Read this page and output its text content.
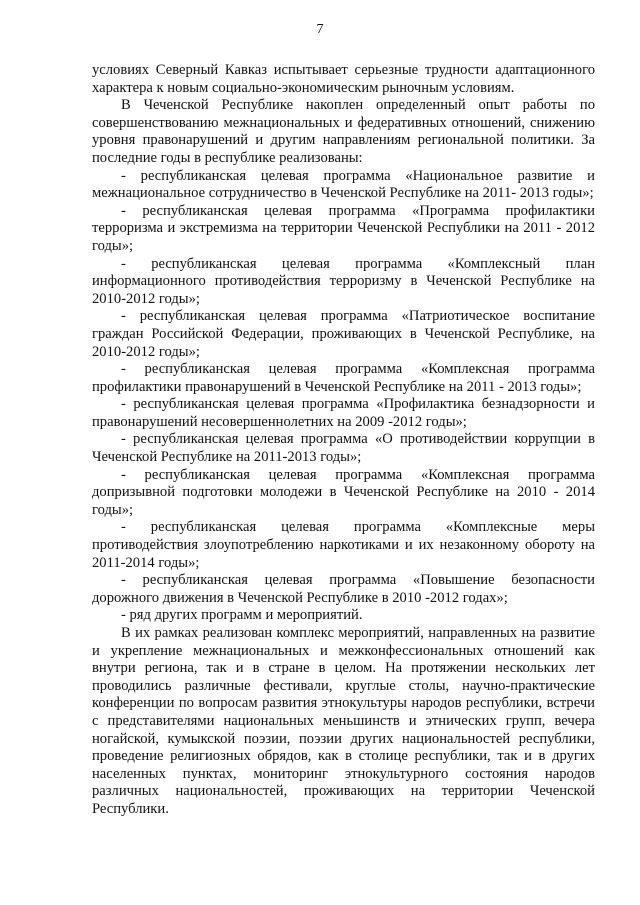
7

условиях Северный Кавказ испытывает серьезные трудности адаптационного характера к новым социально-экономическим рыночным условиям.

В Чеченской Республике накоплен определенный опыт работы по совершенствованию межнациональных и федеративных отношений, снижению уровня правонарушений и другим направлениям региональной политики. За последние годы в республике реализованы:

- республиканская целевая программа «Национальное развитие и межнациональное сотрудничество в Чеченской Республике на 2011- 2013 годы»;

- республиканская целевая программа «Программа профилактики терроризма и экстремизма на территории Чеченской Республики на 2011 - 2012 годы»;

- республиканская целевая программа «Комплексный план информационного противодействия терроризму в Чеченской Республике на 2010-2012 годы»;

- республиканская целевая программа «Патриотическое воспитание граждан Российской Федерации, проживающих в Чеченской Республике, на 2010-2012 годы»;

- республиканская целевая программа «Комплексная программа профилактики правонарушений в Чеченской Республике на 2011 - 2013 годы»;

- республиканская целевая программа «Профилактика безнадзорности и правонарушений несовершеннолетних на 2009 -2012 годы»;

- республиканская целевая программа «О противодействии коррупции в Чеченской Республике на 2011-2013 годы»;

- республиканская целевая программа «Комплексная программа допризывной подготовки молодежи в Чеченской Республике на 2010 - 2014 годы»;

- республиканская целевая программа «Комплексные меры противодействия злоупотреблению наркотиками и их незаконному обороту на 2011-2014 годы»;

- республиканская целевая программа «Повышение безопасности дорожного движения в Чеченской Республике в 2010 -2012 годах»;

- ряд других программ и мероприятий.

В их рамках реализован комплекс мероприятий, направленных на развитие и укрепление межнациональных и межконфессиональных отношений как внутри региона, так и в стране в целом. На протяжении нескольких лет проводились различные фестивали, круглые столы, научно-практические конференции по вопросам развития этнокультуры народов республики, встречи с представителями национальных меньшинств и этнических групп, вечера ногайской, кумыкской поэзии, поэзии других национальностей республики, проведение религиозных обрядов, как в столице республики, так и в других населенных пунктах, мониторинг этнокультурного состояния народов различных национальностей, проживающих на территории Чеченской Республики.
